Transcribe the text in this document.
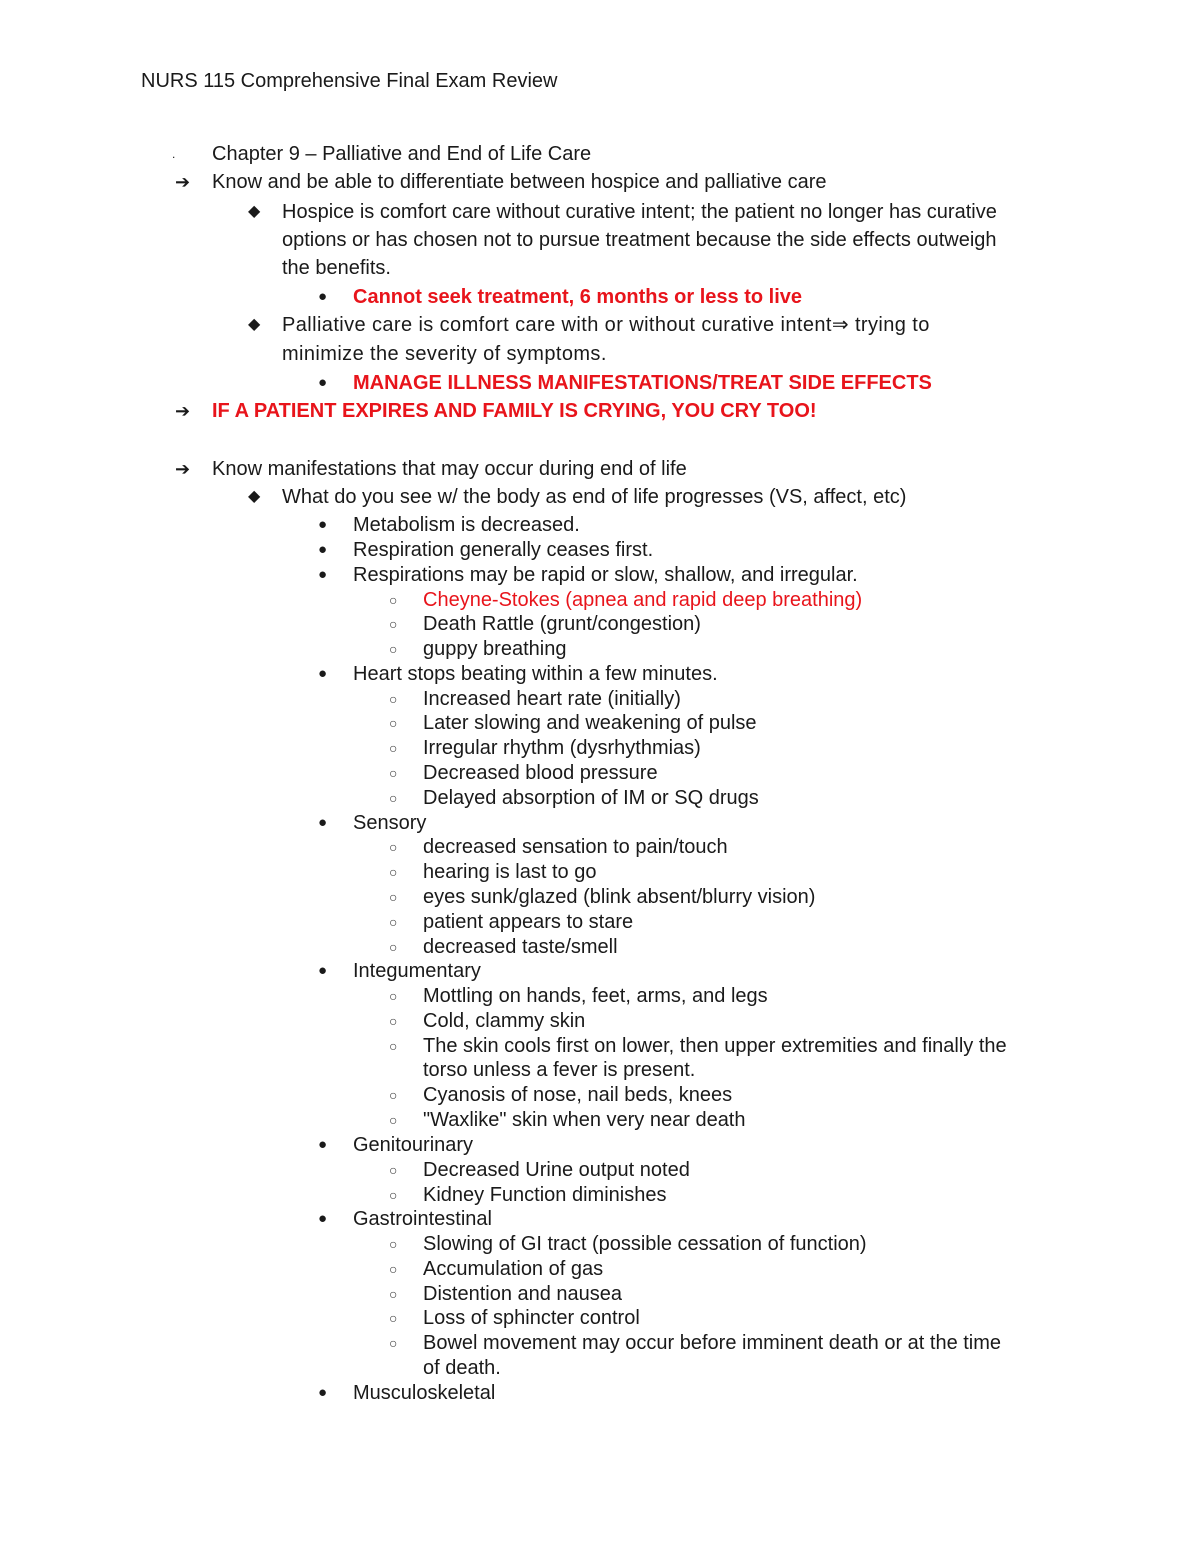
NURS 115 Comprehensive Final Exam Review
. Chapter 9 – Palliative and End of Life Care
➔ Know and be able to differentiate between hospice and palliative care
◆ Hospice is comfort care without curative intent; the patient no longer has curative
options or has chosen not to pursue treatment because the side effects outweigh
the benefits.
● Cannot seek treatment, 6 months or less to live
◆ Palliative care is comfort care with or without curative intent⇒ trying to
minimize the severity of symptoms.
● MANAGE ILLNESS MANIFESTATIONS/TREAT SIDE EFFECTS
➔ IF A PATIENT EXPIRES AND FAMILY IS CRYING, YOU CRY TOO!
➔ Know manifestations that may occur during end of life
◆ What do you see w/ the body as end of life progresses (VS, affect, etc)
● Metabolism is decreased.
● Respiration generally ceases first.
● Respirations may be rapid or slow, shallow, and irregular.
○ Cheyne-Stokes (apnea and rapid deep breathing)
○ Death Rattle (grunt/congestion)
○ guppy breathing
● Heart stops beating within a few minutes.
○ Increased heart rate (initially)
○ Later slowing and weakening of pulse
○ Irregular rhythm (dysrhythmias)
○ Decreased blood pressure
○ Delayed absorption of IM or SQ drugs
● Sensory
○ decreased sensation to pain/touch
○ hearing is last to go
○ eyes sunk/glazed (blink absent/blurry vision)
○ patient appears to stare
○ decreased taste/smell
● Integumentary
○ Mottling on hands, feet, arms, and legs
○ Cold, clammy skin
○ The skin cools first on lower, then upper extremities and finally the
torso unless a fever is present.
○ Cyanosis of nose, nail beds, knees
○ "Waxlike" skin when very near death
● Genitourinary
○ Decreased Urine output noted
○ Kidney Function diminishes
● Gastrointestinal
○ Slowing of GI tract (possible cessation of function)
○ Accumulation of gas
○ Distention and nausea
○ Loss of sphincter control
○ Bowel movement may occur before imminent death or at the time
of death.
● Musculoskeletal
